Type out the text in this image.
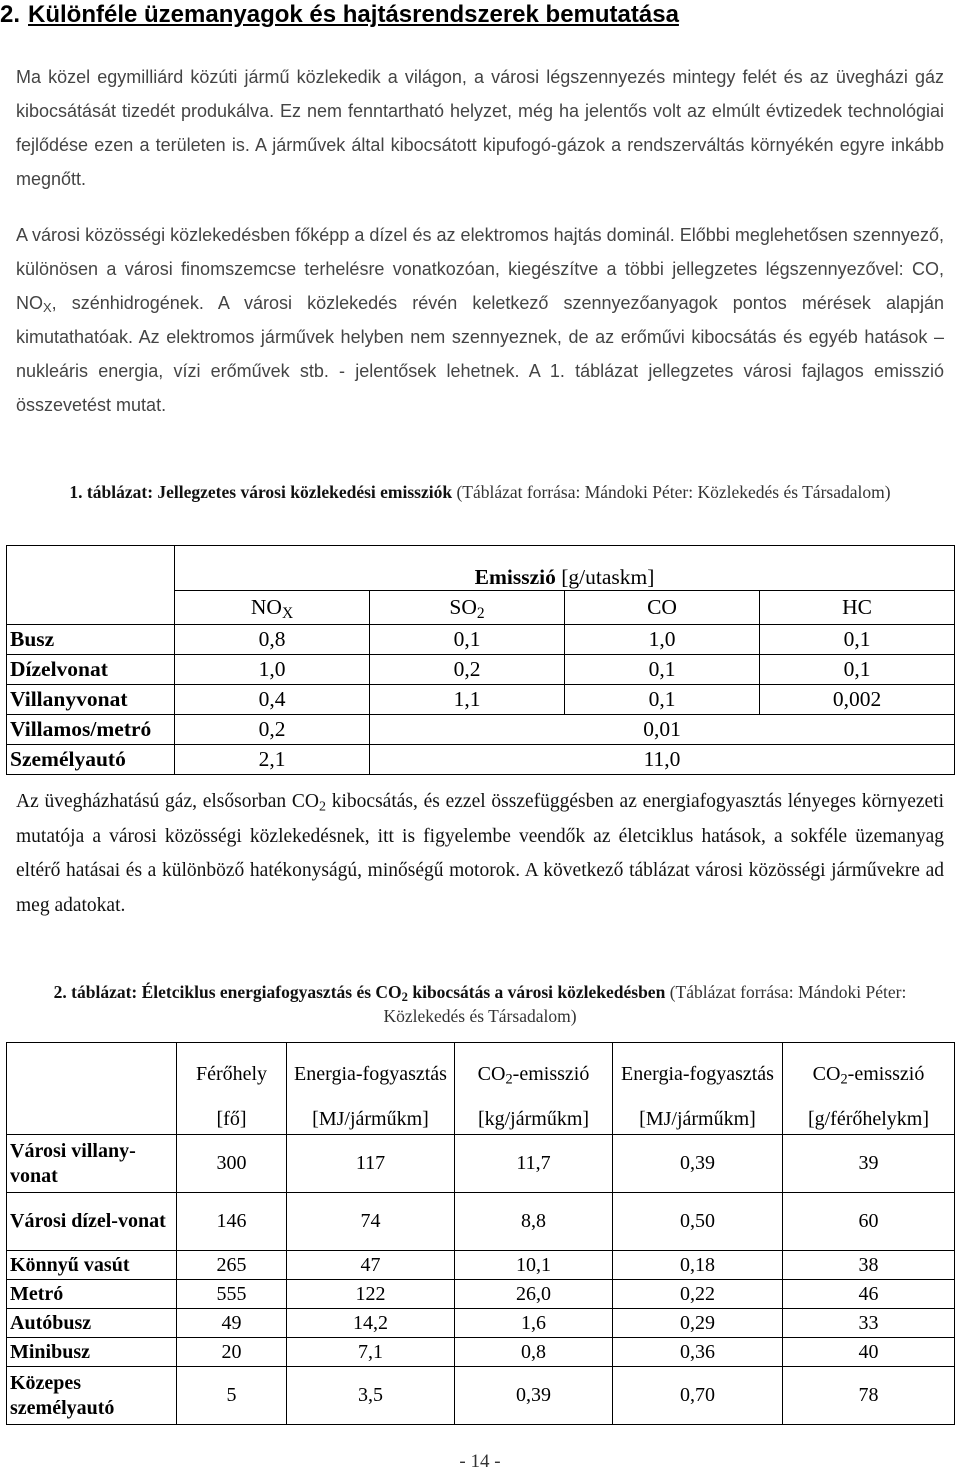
2. Különféle üzemanyagok és hajtásrendszerek bemutatása

Ma közel egymilliárd közúti jármű közlekedik a világon, a városi légszennyezés mintegy felét és az üvegházi gáz kibocsátását tizedét produkálva. Ez nem fenntartható helyzet, még ha jelentős volt az elmúlt évtizedek technológiai fejlődése ezen a területen is. A járművek által kibocsátott kipufogó-gázok a rendszerváltás környékén egyre inkább megnőtt.

A városi közösségi közlekedésben főképp a dízel és az elektromos hajtás dominál. Előbbi meglehetősen szennyező, különösen a városi finomszemcse terhelésre vonatkozóan, kiegészítve a többi jellegzetes légszennyezővel: CO, $NO_X$, szénhidrogének. A városi közlekedés révén keletkező szennyezőanyagok pontos mérések alapján kimutathatóak. Az elektromos járművek helyben nem szennyeznek, de az erőművi kibocsátás és egyéb hatások – nukleáris energia, vízi erőművek stb. - jelentősek lehetnek. A 1. táblázat jellegzetes városi fajlagos emisszió összevetést mutat.

1. táblázat: Jellegzetes városi közlekedési emissziók (Táblázat forrása: Mándoki Péter: Közlekedés és Társadalom)

	Emisszió [g/utaskm]			
	$NO_X$	$SO_2$	CO	HC
Busz	0,8	0,1	1,0	0,1
Dízelvonat	1,0	0,2	0,1	0,1
Villanyvonat	0,4	1,1	0,1	0,002
Villamos/metró	0,2		0,01	
Személyautó	2,1		11,0	

Az üvegházhatású gáz, elsősorban $CO_2$ kibocsátás, és ezzel összefüggésben az energiafogyasztás lényeges környezeti mutatója a városi közösségi közlekedésnek, itt is figyelembe veendők az életciklus hatások, a sokféle üzemanyag eltérő hatásai és a különböző hatékonyságú, minőségű motorok. A következő táblázat városi közösségi járművekre ad meg adatokat.

2. táblázat: Életciklus energiafogyasztás és $CO_2$ kibocsátás a városi közlekedésben (Táblázat forrása: Mándoki Péter: Közlekedés és Társadalom)

	Férőhely	Energia-fogyasztás	$CO_2$-emisszió	Energia-fogyasztás	$CO_2$-emisszió
	[fő]	[MJ/járműkm]	[kg/járműkm]	[MJ/járműkm]	[g/férőhelykm]
Városi villany-vonat	300	117	11,7	0,39	39
Városi dízel-vonat	146	74	8,8	0,50	60
Könnyű vasút	265	47	10,1	0,18	38
Metró	555	122	26,0	0,22	46
Autóbusz	49	14,2	1,6	0,29	33
Minibusz	20	7,1	0,8	0,36	40
Közepes személyautó	5	3,5	0,39	0,70	78
- 14 -
